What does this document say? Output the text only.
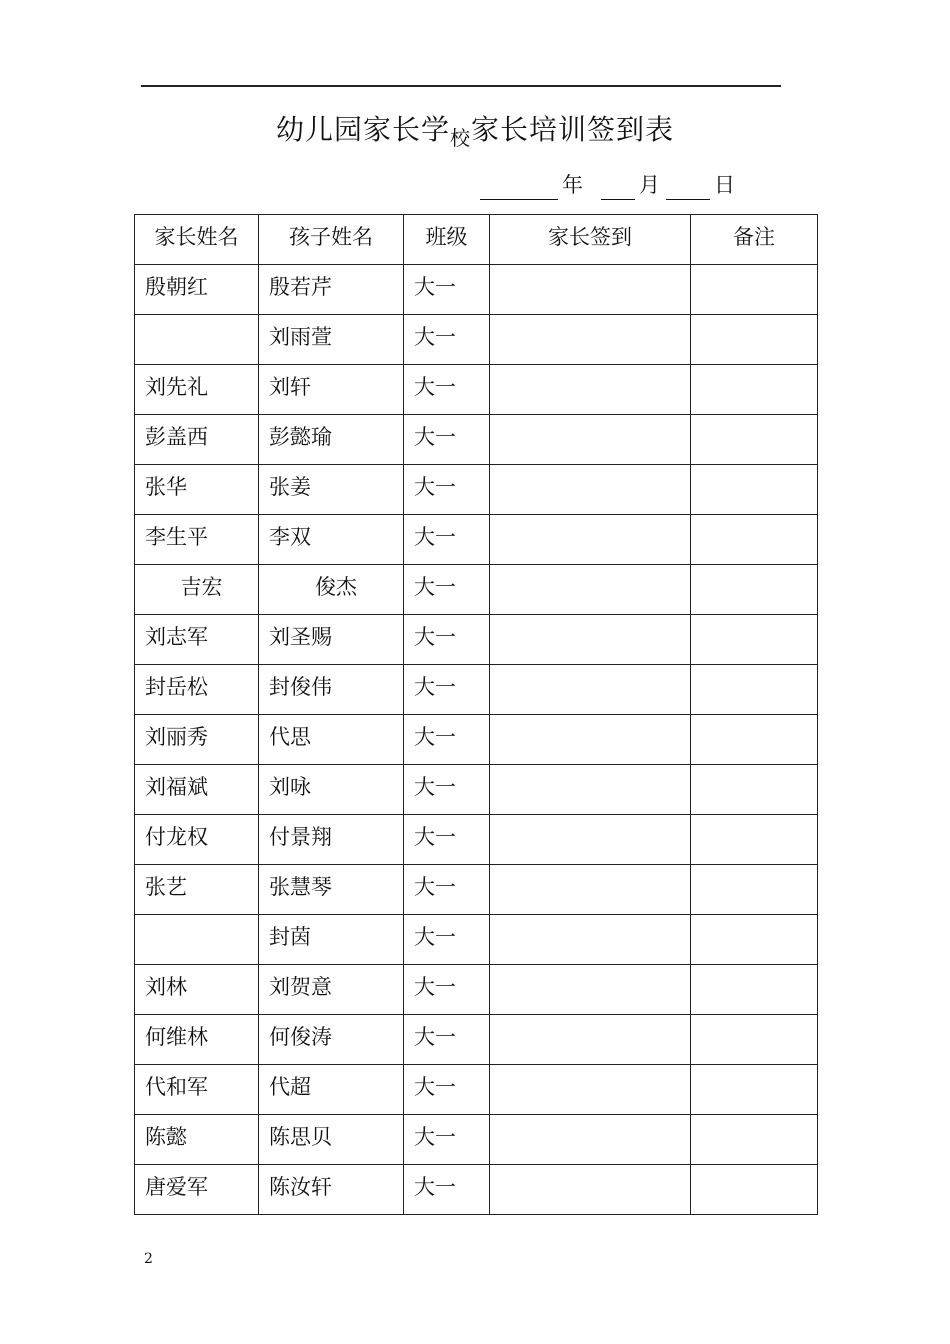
幼儿园家长学$_校$家长培训签到表
年	月	日
家长姓名	孩子姓名	班级	家长签到	备注
殷朝红	殷若芹	大一		
	刘雨萱	大一		
刘先礼	刘轩	大一		
彭盖西	彭懿瑜	大一		
张华	张姜	大一		
李生平	李双	大一		
吉宏	俊杰	大一		
刘志军	刘圣赐	大一		
封岳松	封俊伟	大一		
刘丽秀	代思	大一		
刘福斌	刘咏	大一		
付龙权	付景翔	大一		
张艺	张慧琴	大一		
	封茵	大一		
刘林	刘贺意	大一		
何维林	何俊涛	大一		
代和军	代超	大一		
陈懿	陈思贝	大一		
唐爱军	陈汝轩	大一		
2
